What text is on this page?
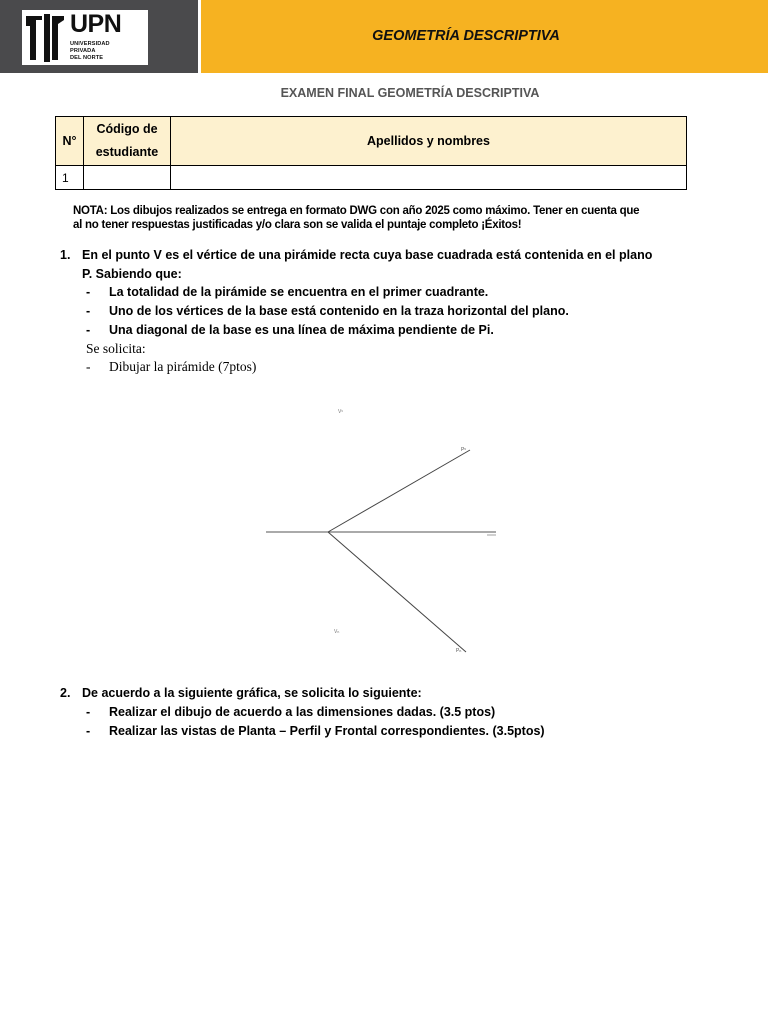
GEOMETRÍA DESCRIPTIVA
UPN
UNIVERSIDAD
PRIVADA
DEL NORTE
EXAMEN FINAL GEOMETRÍA DESCRIPTIVA
N°	Código de estudiante	Apellidos y nombres
1		
NOTA: Los dibujos realizados se entrega en formato DWG con año 2025 como máximo. Tener en cuenta que
al no tener respuestas justificadas y/o clara son se valida el puntaje completo ¡Éxitos!
1. En el punto V es el vértice de una pirámide recta cuya base cuadrada está contenida en el plano
P. Sabiendo que:
- La totalidad de la pirámide se encuentra en el primer cuadrante.
- Uno de los vértices de la base está contenido en la traza horizontal del plano.
- Una diagonal de la base es una línea de máxima pendiente de Pi.
Se solicita:
- Dibujar la pirámide (7ptos)
Vᵛ
Pᵛ
Vₕ
Pₕ
2. De acuerdo a la siguiente gráfica, se solicita lo siguiente:
- Realizar el dibujo de acuerdo a las dimensiones dadas. (3.5 ptos)
- Realizar las vistas de Planta – Perfil y Frontal correspondientes. (3.5ptos)
